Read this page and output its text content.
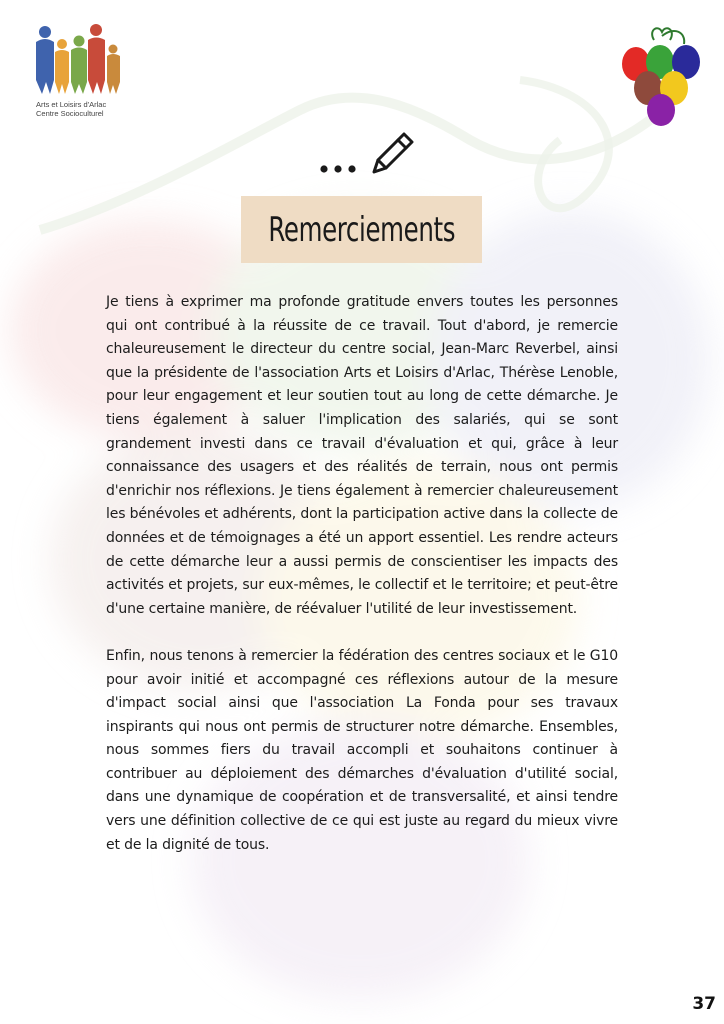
Arts et Loisirs d'Arlac
Centre Socioculturel
Remerciements

Je tiens à exprimer ma profonde gratitude envers toutes les personnes qui ont contribué à la réussite de ce travail. Tout d'abord, je remercie chaleureusement le directeur du centre social, Jean-Marc Reverbel, ainsi que la présidente de l'association Arts et Loisirs d'Arlac, Thérèse Lenoble, pour leur engagement et leur soutien tout au long de cette démarche. Je tiens également à saluer l'implication des salariés, qui se sont grandement investi dans ce travail d'évaluation et qui, grâce à leur connaissance des usagers et des réalités de terrain, nous ont permis d'enrichir nos réflexions. Je tiens également à remercier chaleureusement les bénévoles et adhérents, dont la participation active dans la collecte de données et de témoignages a été un apport essentiel. Les rendre acteurs de cette démarche leur a aussi permis de conscientiser les impacts des activités et projets, sur eux-mêmes, le collectif et le territoire; et peut-être d'une certaine manière, de réévaluer l'utilité de leur investissement.

Enfin, nous tenons à remercier la fédération des centres sociaux et le G10 pour avoir initié et accompagné ces réflexions autour de la mesure d'impact social ainsi que l'association La Fonda pour ses travaux inspirants qui nous ont permis de structurer notre démarche. Ensembles, nous sommes fiers du travail accompli et souhaitons continuer à contribuer au déploiement des démarches d'évaluation d'utilité social, dans une dynamique de coopération et de transversalité, et ainsi tendre vers une définition collective de ce qui est juste au regard du mieux vivre et de la dignité de tous.

37
